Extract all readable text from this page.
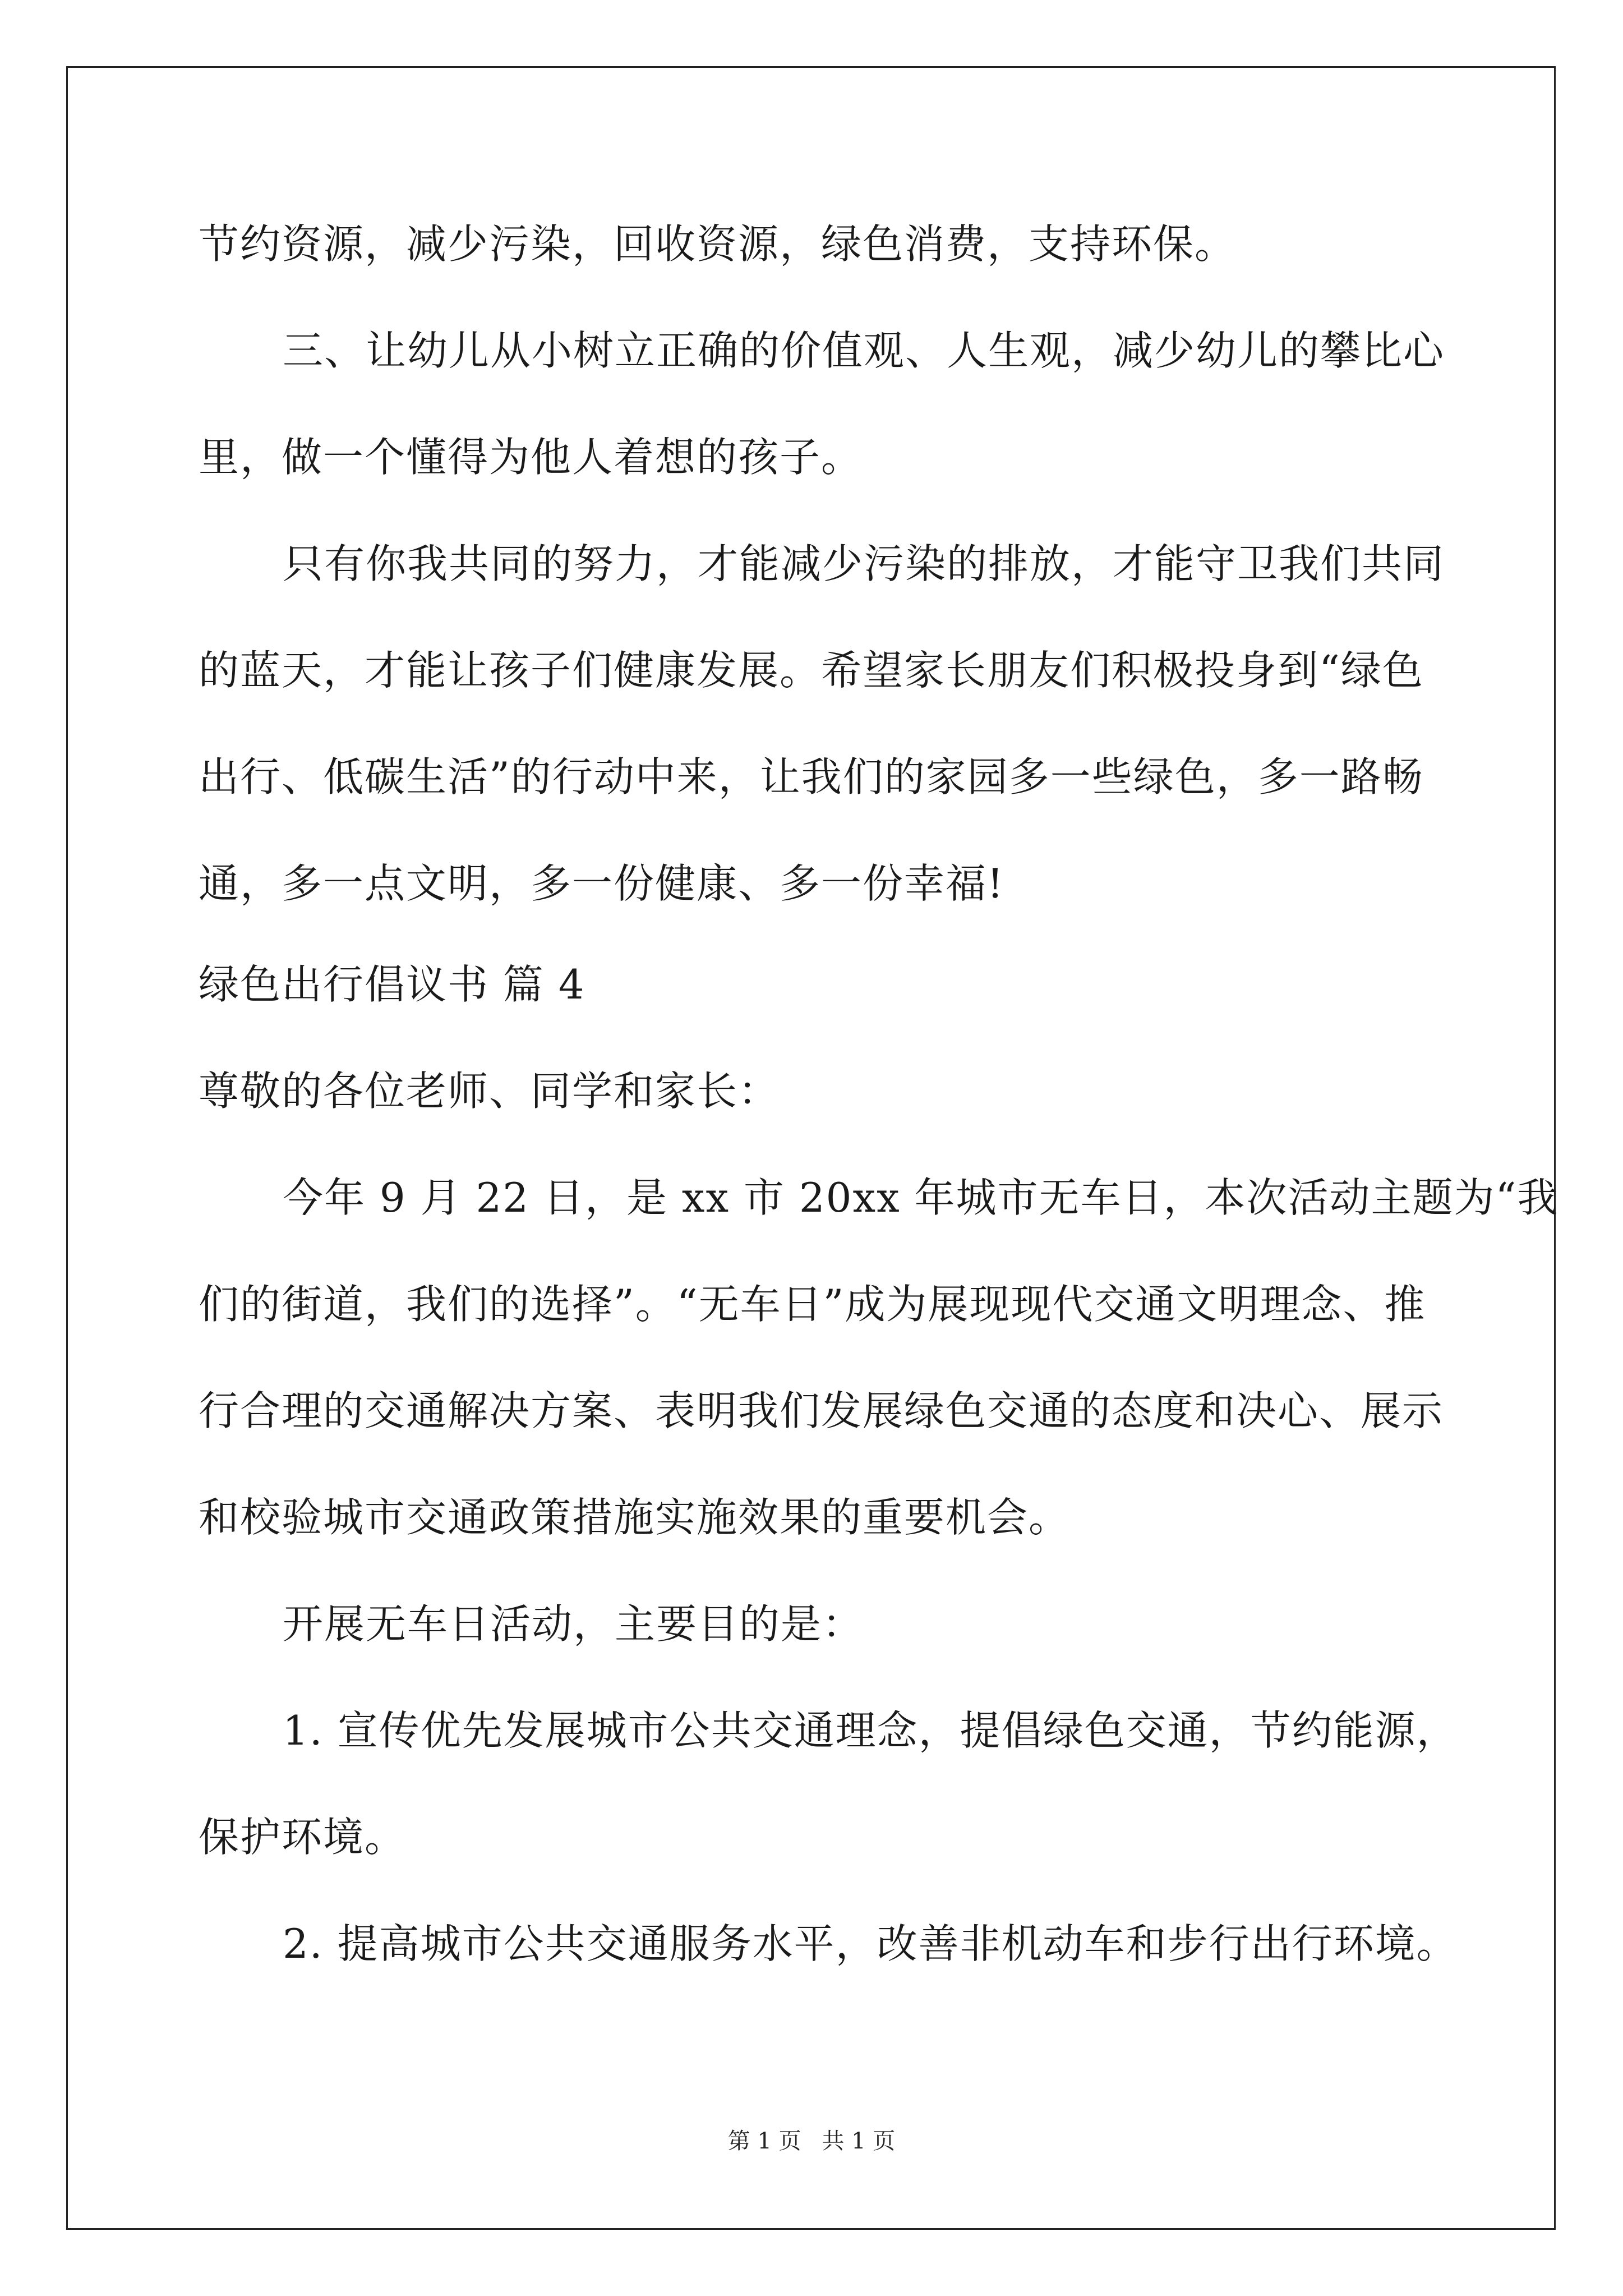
节约资源，减少污染，回收资源，绿色消费，支持环保。
三、让幼儿从小树立正确的价值观、人生观，减少幼儿的攀比心
里，做一个懂得为他人着想的孩子。
只有你我共同的努力，才能减少污染的排放，才能守卫我们共同
的蓝天，才能让孩子们健康发展。希望家长朋友们积极投身到“绿色
出行、低碳生活”的行动中来，让我们的家园多一些绿色，多一路畅
通，多一点文明，多一份健康、多一份幸福!
绿色出行倡议书 篇 4
尊敬的各位老师、同学和家长：
今年 9 月 22 日，是 xx 市 20xx 年城市无车日，本次活动主题为“我
们的街道，我们的选择”。“无车日”成为展现现代交通文明理念、推
行合理的交通解决方案、表明我们发展绿色交通的态度和决心、展示
和校验城市交通政策措施实施效果的重要机会。
开展无车日活动，主要目的是：
1. 宣传优先发展城市公共交通理念，提倡绿色交通，节约能源，
保护环境。
2. 提高城市公共交通服务水平，改善非机动车和步行出行环境。
第 1 页 共 1 页
